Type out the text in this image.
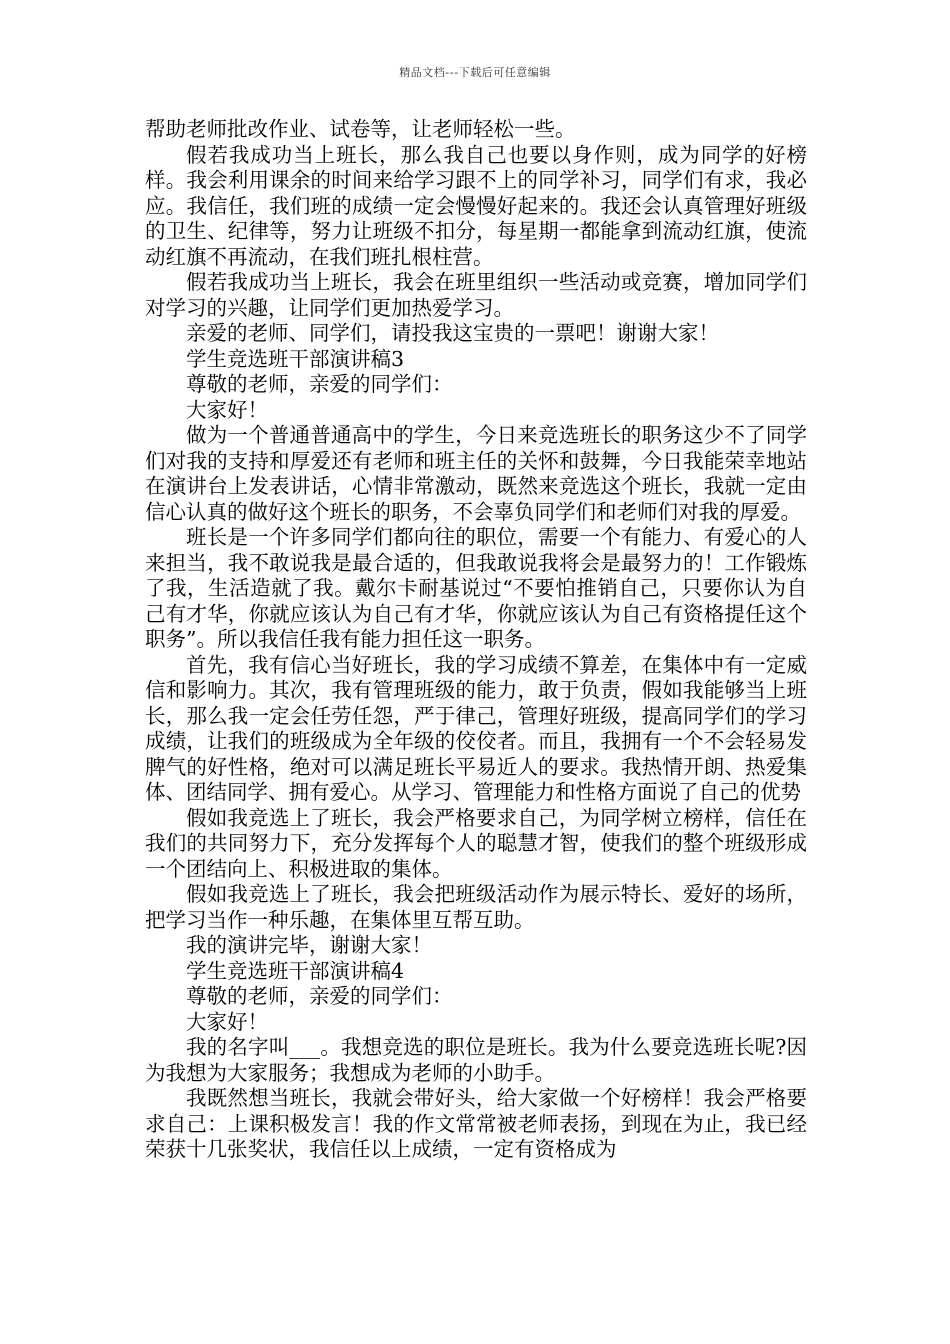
精品文档---下载后可任意编辑

帮助老师批改作业、试卷等，让老师轻松一些。

假若我成功当上班长，那么我自己也要以身作则，成为同学的好榜样。我会利用课余的时间来给学习跟不上的同学补习，同学们有求，我必应。我信任，我们班的成绩一定会慢慢好起来的。我还会认真管理好班级的卫生、纪律等，努力让班级不扣分，每星期一都能拿到流动红旗，使流动红旗不再流动，在我们班扎根柱营。

假若我成功当上班长，我会在班里组织一些活动或竞赛，增加同学们对学习的兴趣，让同学们更加热爱学习。

亲爱的老师、同学们，请投我这宝贵的一票吧！谢谢大家！

学生竞选班干部演讲稿3

尊敬的老师，亲爱的同学们：

大家好！

做为一个普通普通高中的学生，今日来竞选班长的职务这少不了同学们对我的支持和厚爱还有老师和班主任的关怀和鼓舞，今日我能荣幸地站在演讲台上发表讲话，心情非常激动，既然来竞选这个班长，我就一定由信心认真的做好这个班长的职务，不会辜负同学们和老师们对我的厚爱。

班长是一个许多同学们都向往的职位，需要一个有能力、有爱心的人来担当，我不敢说我是最合适的，但我敢说我将会是最努力的！工作锻炼了我，生活造就了我。戴尔卡耐基说过“不要怕推销自己，只要你认为自己有才华，你就应该认为自己有才华，你就应该认为自己有资格提任这个职务”。所以我信任我有能力担任这一职务。

首先，我有信心当好班长，我的学习成绩不算差，在集体中有一定威信和影响力。其次，我有管理班级的能力，敢于负责，假如我能够当上班长，那么我一定会任劳任怨，严于律己，管理好班级，提高同学们的学习成绩，让我们的班级成为全年级的佼佼者。而且，我拥有一个不会轻易发脾气的好性格，绝对可以满足班长平易近人的要求。我热情开朗、热爱集体、团结同学、拥有爱心。从学习、管理能力和性格方面说了自己的优势

假如我竞选上了班长，我会严格要求自己，为同学树立榜样，信任在我们的共同努力下，充分发挥每个人的聪慧才智，使我们的整个班级形成一个团结向上、积极进取的集体。

假如我竞选上了班长，我会把班级活动作为展示特长、爱好的场所，把学习当作一种乐趣，在集体里互帮互助。

我的演讲完毕，谢谢大家！

学生竞选班干部演讲稿4

尊敬的老师，亲爱的同学们：

大家好！

我的名字叫___。我想竞选的职位是班长。我为什么要竞选班长呢?因为我想为大家服务；我想成为老师的小助手。

我既然想当班长，我就会带好头，给大家做一个好榜样！我会严格要求自己：上课积极发言！我的作文常常被老师表扬，到现在为止，我已经荣获十几张奖状，我信任以上成绩，一定有资格成为
